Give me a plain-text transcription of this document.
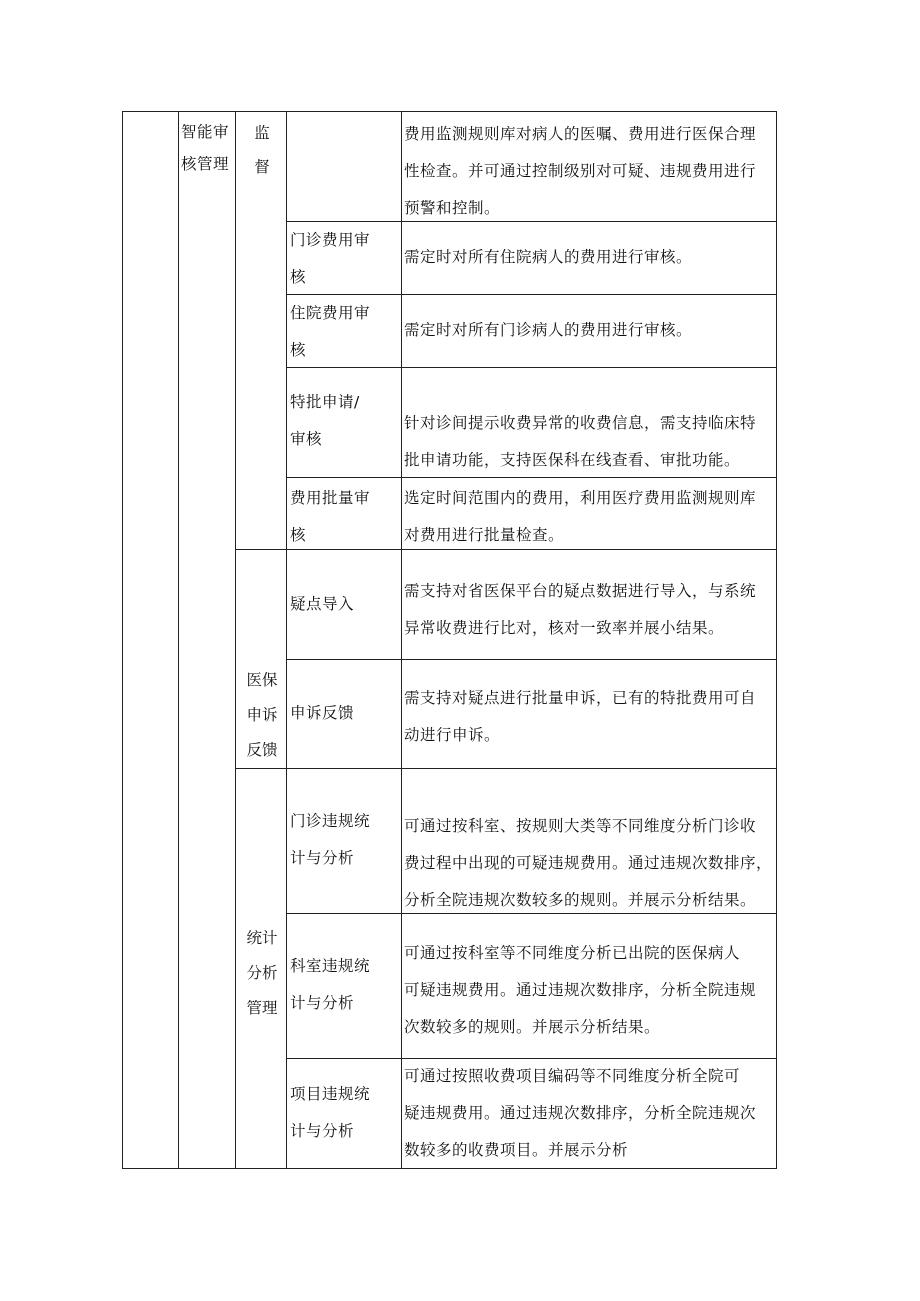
智能审
核管理
监
督
医保
申诉
反馈
统计
分析
管理
费用监测规则库对病人的医嘱、费用进行医保合理
性检查。并可通过控制级别对可疑、违规费用进行
预警和控制。
门诊费用审
核
需定时对所有住院病人的费用进行审核。
住院费用审
核
需定时对所有门诊病人的费用进行审核。
特批申请/
审核
针对诊间提示收费异常的收费信息，需支持临床特
批申请功能，支持医保科在线查看、审批功能。
费用批量审
核
选定时间范围内的费用，利用医疗费用监测规则库
对费用进行批量检查。
疑点导入
需支持对省医保平台的疑点数据进行导入，与系统
异常收费进行比对，核对一致率并展小结果。
申诉反馈
需支持对疑点进行批量申诉，已有的特批费用可自
动进行申诉。
门诊违规统
计与分析
可通过按科室、按规则大类等不同维度分析门诊收
费过程中出现的可疑违规费用。通过违规次数排序，
分析全院违规次数较多的规则。并展示分析结果。
科室违规统
计与分析
可通过按科室等不同维度分析已出院的医保病人
可疑违规费用。通过违规次数排序，分析全院违规
次数较多的规则。并展示分析结果。
项目违规统
计与分析
可通过按照收费项目编码等不同维度分析全院可
疑违规费用。通过违规次数排序，分析全院违规次
数较多的收费项目。并展示分析
